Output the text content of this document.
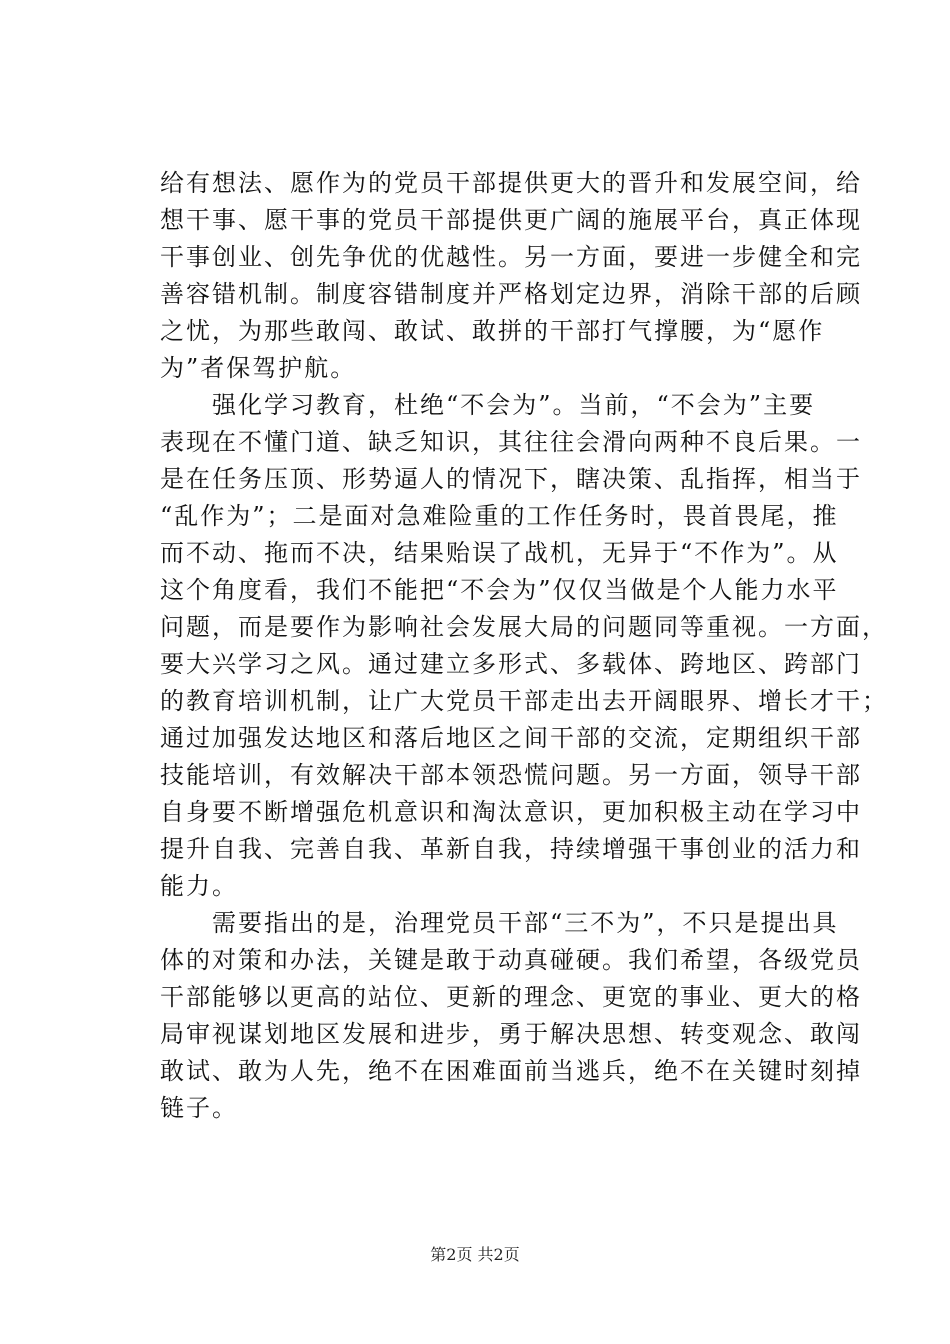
给有想法、愿作为的党员干部提供更大的晋升和发展空间，给
想干事、愿干事的党员干部提供更广阔的施展平台，真正体现
干事创业、创先争优的优越性。另一方面，要进一步健全和完
善容错机制。制度容错制度并严格划定边界，消除干部的后顾
之忧，为那些敢闯、敢试、敢拼的干部打气撑腰，为“愿作
为”者保驾护航。
　　强化学习教育，杜绝“不会为”。当前，“不会为”主要
表现在不懂门道、缺乏知识，其往往会滑向两种不良后果。一
是在任务压顶、形势逼人的情况下，瞎决策、乱指挥，相当于
“乱作为”；二是面对急难险重的工作任务时，畏首畏尾，推
而不动、拖而不决，结果贻误了战机，无异于“不作为”。从
这个角度看，我们不能把“不会为”仅仅当做是个人能力水平
问题，而是要作为影响社会发展大局的问题同等重视。一方面，
要大兴学习之风。通过建立多形式、多载体、跨地区、跨部门
的教育培训机制，让广大党员干部走出去开阔眼界、增长才干；
通过加强发达地区和落后地区之间干部的交流，定期组织干部
技能培训，有效解决干部本领恐慌问题。另一方面，领导干部
自身要不断增强危机意识和淘汰意识，更加积极主动在学习中
提升自我、完善自我、革新自我，持续增强干事创业的活力和
能力。
　　需要指出的是，治理党员干部“三不为”，不只是提出具
体的对策和办法，关键是敢于动真碰硬。我们希望，各级党员
干部能够以更高的站位、更新的理念、更宽的事业、更大的格
局审视谋划地区发展和进步，勇于解决思想、转变观念、敢闯
敢试、敢为人先，绝不在困难面前当逃兵，绝不在关键时刻掉
链子。
第2页 共2页
